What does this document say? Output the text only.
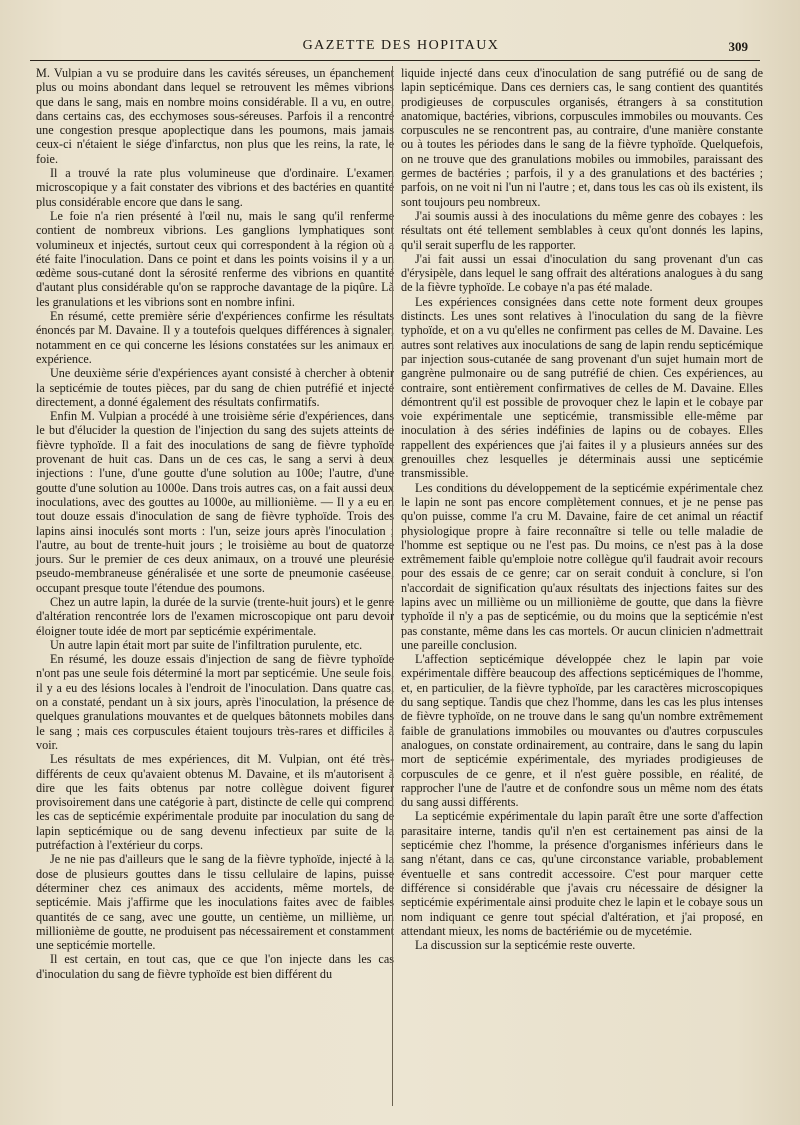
GAZETTE DES HOPITAUX	309

M. Vulpian a vu se produire dans les cavités séreuses, un épanchement plus ou moins abondant dans lequel se retrouvent les mêmes vibrions que dans le sang, mais en nombre moins considérable. Il a vu, en outre, dans certains cas, des ecchymoses sous-séreuses. Parfois il a rencontré une congestion presque apoplectique dans les poumons, mais jamais ceux-ci n'étaient le siége d'infarctus, non plus que les reins, la rate, le foie.

Il a trouvé la rate plus volumineuse que d'ordinaire. L'examen microscopique y a fait constater des vibrions et des bactéries en quantité plus considérable encore que dans le sang.

Le foie n'a rien présenté à l'œil nu, mais le sang qu'il renferme contient de nombreux vibrions. Les ganglions lymphatiques sont volumineux et injectés, surtout ceux qui correspondent à la région où a été faite l'inoculation. Dans ce point et dans les points voisins il y a un œdème sous-cutané dont la sérosité renferme des vibrions en quantité d'autant plus considérable qu'on se rapproche davantage de la piqûre. Là les granulations et les vibrions sont en nombre infini.

En résumé, cette première série d'expériences confirme les résultats énoncés par M. Davaine. Il y a toutefois quelques différences à signaler, notamment en ce qui concerne les lésions constatées sur les animaux en expérience.

Une deuxième série d'expériences ayant consisté à chercher à obtenir la septicémie de toutes pièces, par du sang de chien putréfié et injecté directement, a donné également des résultats confirmatifs.

Enfin M. Vulpian a procédé à une troisième série d'expériences, dans le but d'élucider la question de l'injection du sang des sujets atteints de fièvre typhoïde. Il a fait des inoculations de sang de fièvre typhoïde provenant de huit cas. Dans un de ces cas, le sang a servi à deux injections : l'une, d'une goutte d'une solution au 100e; l'autre, d'une goutte d'une solution au 1000e. Dans trois autres cas, on a fait aussi deux inoculations, avec des gouttes au 1000e, au millionième. — Il y a eu en tout douze essais d'inoculation de sang de fièvre typhoïde. Trois des lapins ainsi inoculés sont morts : l'un, seize jours après l'inoculation ; l'autre, au bout de trente-huit jours ; le troisième au bout de quatorze jours. Sur le premier de ces deux animaux, on a trouvé une pleurésie pseudo-membraneuse généralisée et une sorte de pneumonie caséeuse, occupant presque toute l'étendue des poumons.

Chez un autre lapin, la durée de la survie (trente-huit jours) et le genre d'altération rencontrée lors de l'examen microscopique ont paru devoir éloigner toute idée de mort par septicémie expérimentale.

Un autre lapin était mort par suite de l'infiltration purulente, etc.

En résumé, les douze essais d'injection de sang de fièvre typhoïde n'ont pas une seule fois déterminé la mort par septicémie. Une seule fois, il y a eu des lésions locales à l'endroit de l'inoculation. Dans quatre cas, on a constaté, pendant un à six jours, après l'inoculation, la présence de quelques granulations mouvantes et de quelques bâtonnets mobiles dans le sang ; mais ces corpuscules étaient toujours très-rares et difficiles à voir.

Les résultats de mes expériences, dit M. Vulpian, ont été très-différents de ceux qu'avaient obtenus M. Davaine, et ils m'autorisent à dire que les faits obtenus par notre collègue doivent figurer provisoirement dans une catégorie à part, distincte de celle qui comprend les cas de septicémie expérimentale produite par inoculation du sang de lapin septicémique ou de sang devenu infectieux par suite de la putréfaction à l'extérieur du corps.

Je ne nie pas d'ailleurs que le sang de la fièvre typhoïde, injecté à la dose de plusieurs gouttes dans le tissu cellulaire de lapins, puisse déterminer chez ces animaux des accidents, même mortels, de septicémie. Mais j'affirme que les inoculations faites avec de faibles quantités de ce sang, avec une goutte, un centième, un millième, un millionième de goutte, ne produisent pas nécessairement et constamment une septicémie mortelle.

Il est certain, en tout cas, que ce que l'on injecte dans les cas d'inoculation du sang de fièvre typhoïde est bien différent du

liquide injecté dans ceux d'inoculation de sang putréfié ou de sang de lapin septicémique. Dans ces derniers cas, le sang contient des quantités prodigieuses de corpuscules organisés, étrangers à sa constitution anatomique, bactéries, vibrions, corpuscules immobiles ou mouvants. Ces corpuscules ne se rencontrent pas, au contraire, d'une manière constante ou à toutes les périodes dans le sang de la fièvre typhoïde. Quelquefois, on ne trouve que des granulations mobiles ou immobiles, paraissant des germes de bactéries ; parfois, il y a des granulations et des bactéries ; parfois, on ne voit ni l'un ni l'autre ; et, dans tous les cas où ils existent, ils sont toujours peu nombreux.

J'ai soumis aussi à des inoculations du même genre des cobayes : les résultats ont été tellement semblables à ceux qu'ont donnés les lapins, qu'il serait superflu de les rapporter.

J'ai fait aussi un essai d'inoculation du sang provenant d'un cas d'érysipèle, dans lequel le sang offrait des altérations analogues à du sang de la fièvre typhoïde. Le cobaye n'a pas été malade.

Les expériences consignées dans cette note forment deux groupes distincts. Les unes sont relatives à l'inoculation du sang de la fièvre typhoïde, et on a vu qu'elles ne confirment pas celles de M. Davaine. Les autres sont relatives aux inoculations de sang de lapin rendu septicémique par injection sous-cutanée de sang provenant d'un sujet humain mort de gangrène pulmonaire ou de sang putréfié de chien. Ces expériences, au contraire, sont entièrement confirmatives de celles de M. Davaine. Elles démontrent qu'il est possible de provoquer chez le lapin et le cobaye par voie expérimentale une septicémie, transmissible elle-même par inoculation à des séries indéfinies de lapins ou de cobayes. Elles rappellent des expériences que j'ai faites il y a plusieurs années sur des grenouilles chez lesquelles je déterminais aussi une septicémie transmissible.

Les conditions du développement de la septicémie expérimentale chez le lapin ne sont pas encore complètement connues, et je ne pense pas qu'on puisse, comme l'a cru M. Davaine, faire de cet animal un réactif physiologique propre à faire reconnaître si telle ou telle maladie de l'homme est septique ou ne l'est pas. Du moins, ce n'est pas à la dose extrêmement faible qu'emploie notre collègue qu'il faudrait avoir recours pour des essais de ce genre; car on serait conduit à conclure, si l'on n'accordait de signification qu'aux résultats des injections faites sur des lapins avec un millième ou un millionième de goutte, que dans la fièvre typhoïde il n'y a pas de septicémie, ou du moins que la septicémie n'est pas constante, même dans les cas mortels. Or aucun clinicien n'admettrait une pareille conclusion.

L'affection septicémique développée chez le lapin par voie expérimentale diffère beaucoup des affections septicémiques de l'homme, et, en particulier, de la fièvre typhoïde, par les caractères microscopiques du sang septique. Tandis que chez l'homme, dans les cas les plus intenses de fièvre typhoïde, on ne trouve dans le sang qu'un nombre extrêmement faible de granulations immobiles ou mouvantes ou d'autres corpuscules analogues, on constate ordinairement, au contraire, dans le sang du lapin mort de septicémie expérimentale, des myriades prodigieuses de corpuscules de ce genre, et il n'est guère possible, en réalité, de rapprocher l'une de l'autre et de confondre sous un même nom des états du sang aussi différents.

La septicémie expérimentale du lapin paraît être une sorte d'affection parasitaire interne, tandis qu'il n'en est certainement pas ainsi de la septicémie chez l'homme, la présence d'organismes inférieurs dans le sang n'étant, dans ce cas, qu'une circonstance variable, probablement éventuelle et sans contredit accessoire. C'est pour marquer cette différence si considérable que j'avais cru nécessaire de désigner la septicémie expérimentale ainsi produite chez le lapin et le cobaye sous un nom indiquant ce genre tout spécial d'altération, et j'ai proposé, en attendant mieux, les noms de bactériémie ou de mycetémie.

La discussion sur la septicémie reste ouverte.
